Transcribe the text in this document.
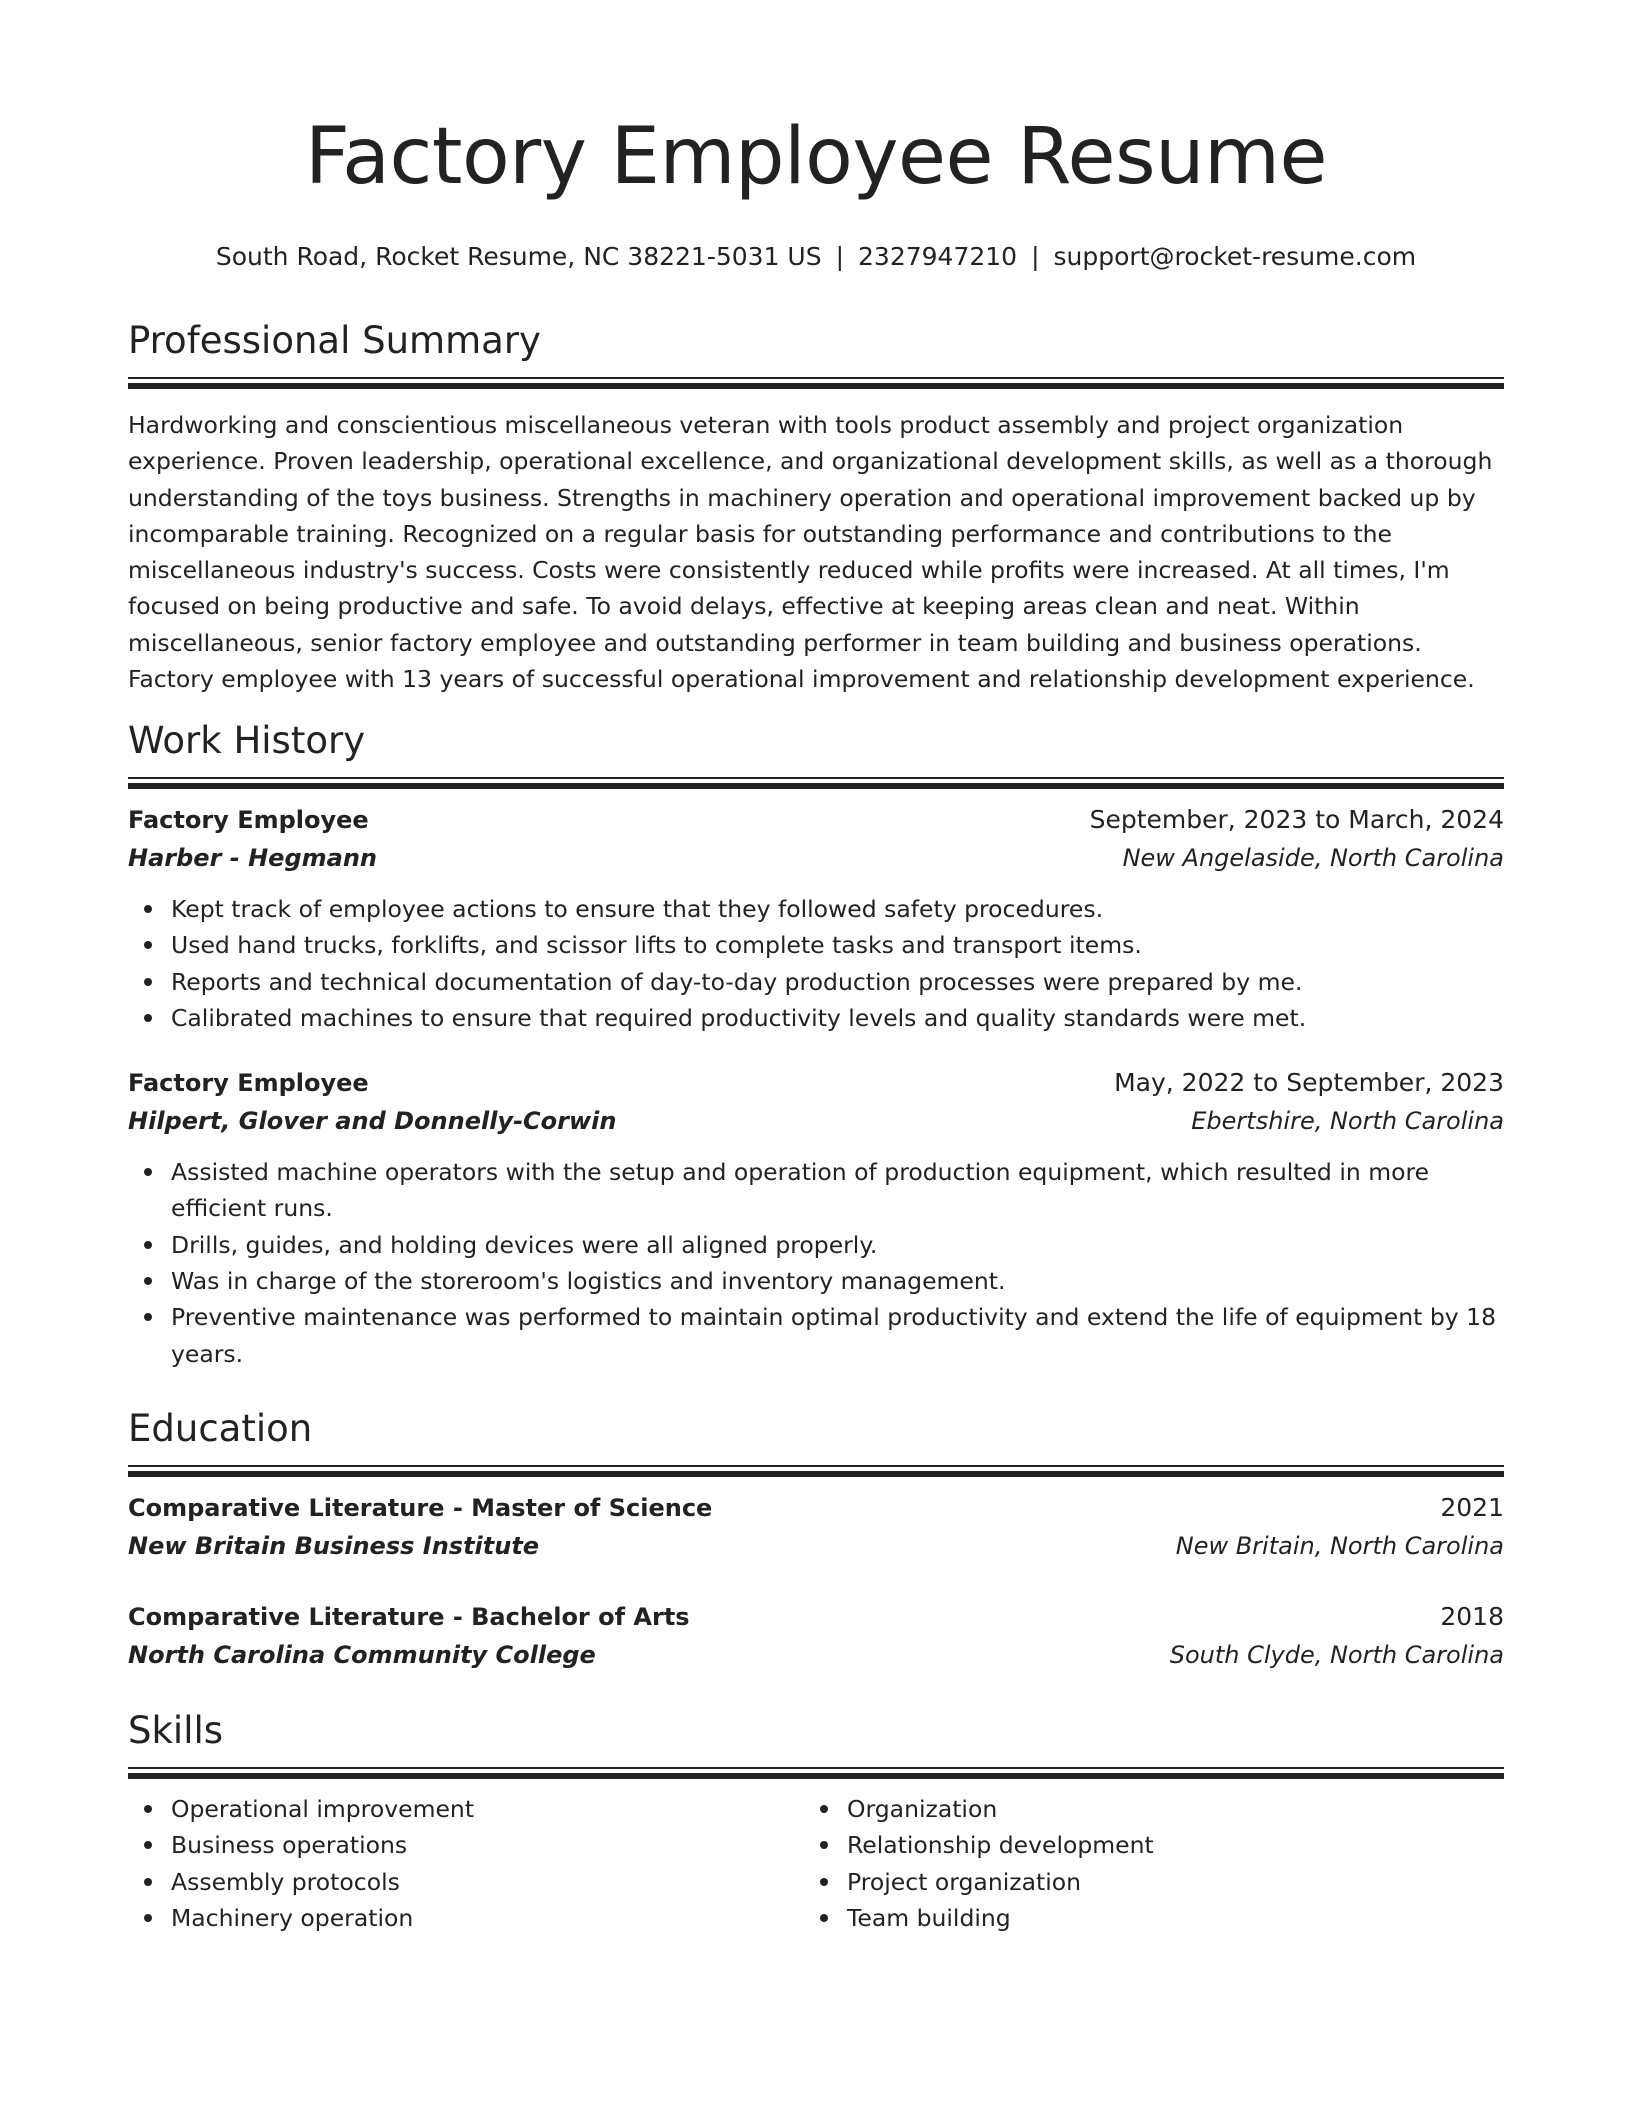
Factory Employee Resume
South Road, Rocket Resume, NC 38221-5031 US | 2327947210 | support@rocket-resume.com
Professional Summary

Hardworking and conscientious miscellaneous veteran with tools product assembly and project organization experience. Proven leadership, operational excellence, and organizational development skills, as well as a thorough understanding of the toys business. Strengths in machinery operation and operational improvement backed up by incomparable training. Recognized on a regular basis for outstanding performance and contributions to the miscellaneous industry's success. Costs were consistently reduced while profits were increased. At all times, I'm focused on being productive and safe. To avoid delays, effective at keeping areas clean and neat. Within miscellaneous, senior factory employee and outstanding performer in team building and business operations. Factory employee with 13 years of successful operational improvement and relationship development experience.

Work History
Factory Employee	September, 2023 to March, 2024
Harber - Hegmann	New Angelaside, North Carolina
Kept track of employee actions to ensure that they followed safety procedures.
Used hand trucks, forklifts, and scissor lifts to complete tasks and transport items.
Reports and technical documentation of day-to-day production processes were prepared by me.
Calibrated machines to ensure that required productivity levels and quality standards were met.
Factory Employee	May, 2022 to September, 2023
Hilpert, Glover and Donnelly-Corwin	Ebertshire, North Carolina
Assisted machine operators with the setup and operation of production equipment, which resulted in more efficient runs.
Drills, guides, and holding devices were all aligned properly.
Was in charge of the storeroom's logistics and inventory management.
Preventive maintenance was performed to maintain optimal productivity and extend the life of equipment by 18 years.
Education
Comparative Literature - Master of Science	2021
New Britain Business Institute	New Britain, North Carolina
Comparative Literature - Bachelor of Arts	2018
North Carolina Community College	South Clyde, North Carolina
Skills
Operational improvement
Business operations
Assembly protocols
Machinery operation
Organization
Relationship development
Project organization
Team building
